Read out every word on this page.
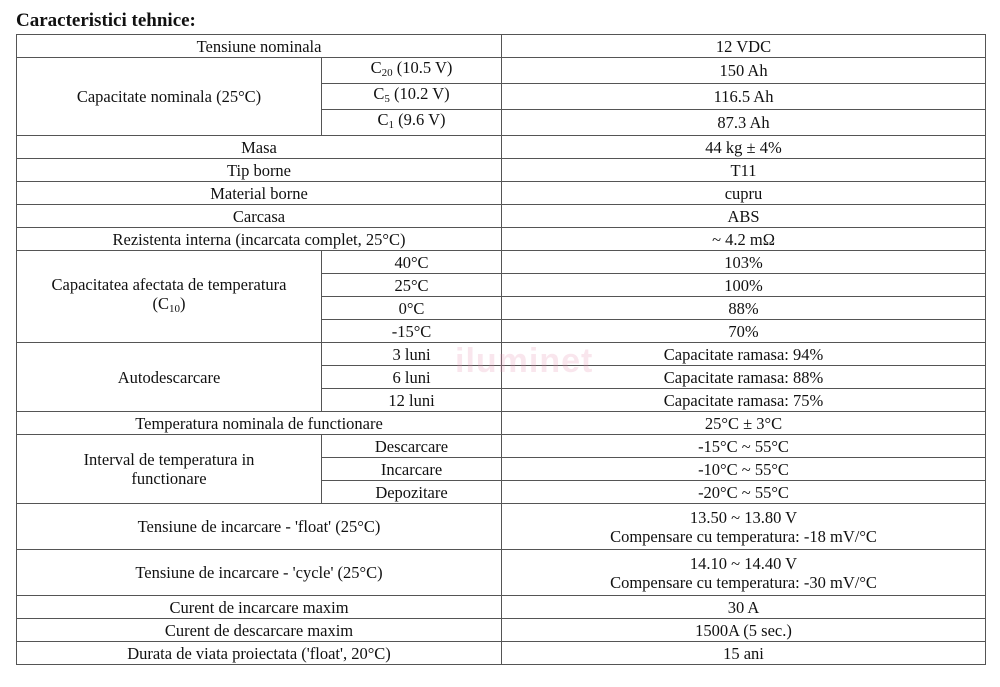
Caracteristici tehnice:
Tensiune nominala		12 VDC
Capacitate nominala (25°C)	$C_{20}$ (10.5 V)	150 Ah
	$C_5$ (10.2 V)	116.5 Ah
	$C_1$ (9.6 V)	87.3 Ah
Masa		44 kg ± 4%
Tip borne		T11
Material borne		cupru
Carcasa		ABS
Rezistenta interna (incarcata complet, 25°C)		~ 4.2 mΩ

Capacitatea afectata de temperatura
$(C_{10})$	40°C	103%
	25°C	100%
	0°C	88%
	-15°C	70%
Autodescarcare	3 luni	Capacitate ramasa: 94%
	6 luni	Capacitate ramasa: 88%
	12 luni	Capacitate ramasa: 75%
Temperatura nominala de functionare		25°C ± 3°C

Interval de temperatura in
functionare	Descarcare	-15°C ~ 55°C
	Incarcare	-10°C ~ 55°C
	Depozitare	-20°C ~ 55°C
Tensiune de incarcare - 'float' (25°C)		13.50 ~ 13.80 V
Compensare cu temperatura: -18 mV/°C

Tensiune de incarcare - 'cycle' (25°C)		14.10 ~ 14.40 V
Compensare cu temperatura: -30 mV/°C

Curent de incarcare maxim		30 A
Curent de descarcare maxim		1500A (5 sec.)
Durata de viata proiectata ('float', 20°C)		15 ani
iluminet
